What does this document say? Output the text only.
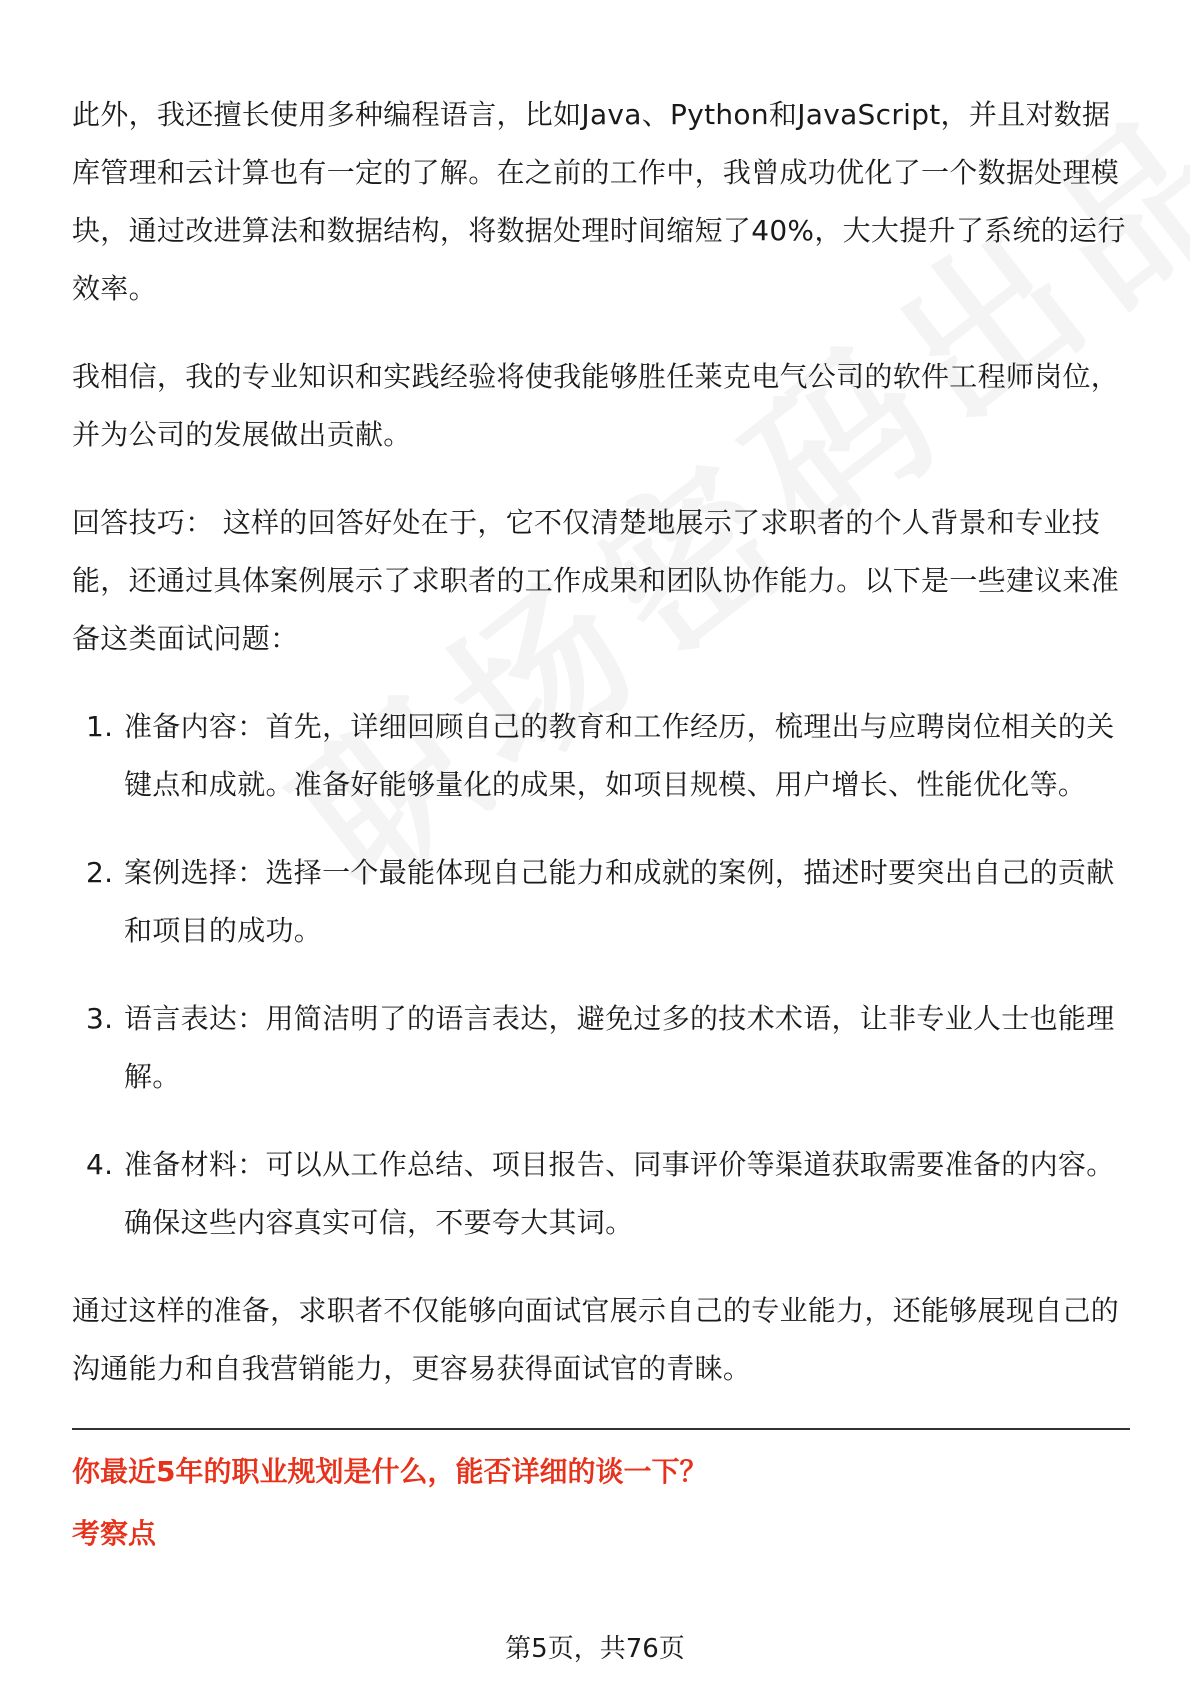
此外，我还擅长使用多种编程语言，比如Java、Python和JavaScript，并且对数据库管理和云计算也有一定的了解。在之前的工作中，我曾成功优化了一个数据处理模块，通过改进算法和数据结构，将数据处理时间缩短了40%，大大提升了系统的运行效率。

我相信，我的专业知识和实践经验将使我能够胜任莱克电气公司的软件工程师岗位，并为公司的发展做出贡献。

回答技巧： 这样的回答好处在于，它不仅清楚地展示了求职者的个人背景和专业技能，还通过具体案例展示了求职者的工作成果和团队协作能力。以下是一些建议来准备这类面试问题：

1. 准备内容：首先，详细回顾自己的教育和工作经历，梳理出与应聘岗位相关的关键点和成就。准备好能够量化的成果，如项目规模、用户增长、性能优化等。
2. 案例选择：选择一个最能体现自己能力和成就的案例，描述时要突出自己的贡献和项目的成功。
3. 语言表达：用简洁明了的语言表达，避免过多的技术术语，让非专业人士也能理解。
4. 准备材料：可以从工作总结、项目报告、同事评价等渠道获取需要准备的内容。确保这些内容真实可信，不要夸大其词。

通过这样的准备，求职者不仅能够向面试官展示自己的专业能力，还能够展现自己的沟通能力和自我营销能力，更容易获得面试官的青睐。

你最近5年的职业规划是什么，能否详细的谈一下？
考察点
第5页，共76页
